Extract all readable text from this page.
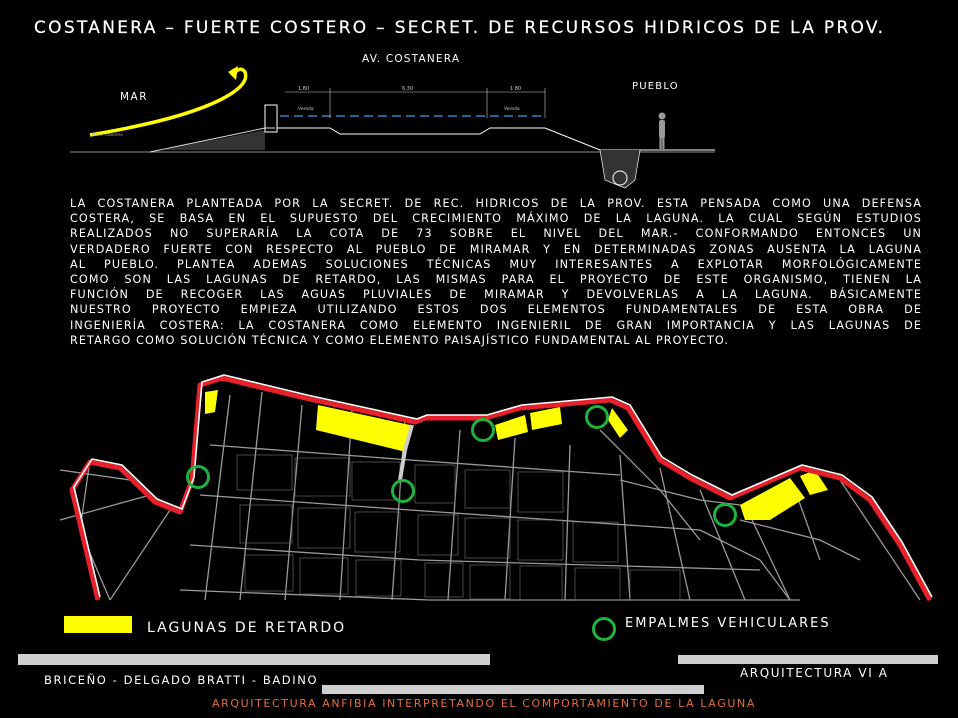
COSTANERA – FUERTE COSTERO – SECRET. DE RECURSOS HIDRICOS DE LA PROV.
AV. COSTANERA
MAR
PUEBLO
1.80	6.30	1.80
Vereda	Vereda
Nivel máximo
LA COSTANERA PLANTEADA POR LA SECRET. DE REC. HIDRICOS DE LA PROV. ESTA PENSADA COMO UNA DEFENSA
COSTERA, SE BASA EN EL SUPUESTO DEL CRECIMIENTO MÁXIMO DE LA LAGUNA. LA CUAL SEGÚN ESTUDIOS
REALIZADOS NO SUPERARÍA LA COTA DE 73 SOBRE EL NIVEL DEL MAR.- CONFORMANDO ENTONCES UN
VERDADERO FUERTE CON RESPECTO AL PUEBLO DE MIRAMAR Y EN DETERMINADAS ZONAS AUSENTA LA LAGUNA
AL PUEBLO. PLANTEA ADEMAS SOLUCIONES TÉCNICAS MUY INTERESANTES A EXPLOTAR MORFOLÓGICAMENTE
COMO SON LAS LAGUNAS DE RETARDO, LAS MISMAS PARA EL PROYECTO DE ESTE ORGANISMO, TIENEN LA
FUNCIÓN DE RECOGER LAS AGUAS PLUVIALES DE MIRAMAR Y DEVOLVERLAS A LA LAGUNA. BÁSICAMENTE
NUESTRO PROYECTO EMPIEZA UTILIZANDO ESTOS DOS ELEMENTOS FUNDAMENTALES DE ESTA OBRA DE
INGENIERÍA COSTERA: LA COSTANERA COMO ELEMENTO INGENIERIL DE GRAN IMPORTANCIA Y LAS LAGUNAS DE
RETARGO COMO SOLUCIÓN TÉCNICA Y COMO ELEMENTO PAISAJÍSTICO FUNDAMENTAL AL PROYECTO.
LAGUNAS DE RETARDO	EMPALMES VEHICULARES
BRICEÑO - DELGADO BRATTI - BADINO	ARQUITECTURA VI A
ARQUITECTURA ANFIBIA INTERPRETANDO EL COMPORTAMIENTO DE LA LAGUNA
